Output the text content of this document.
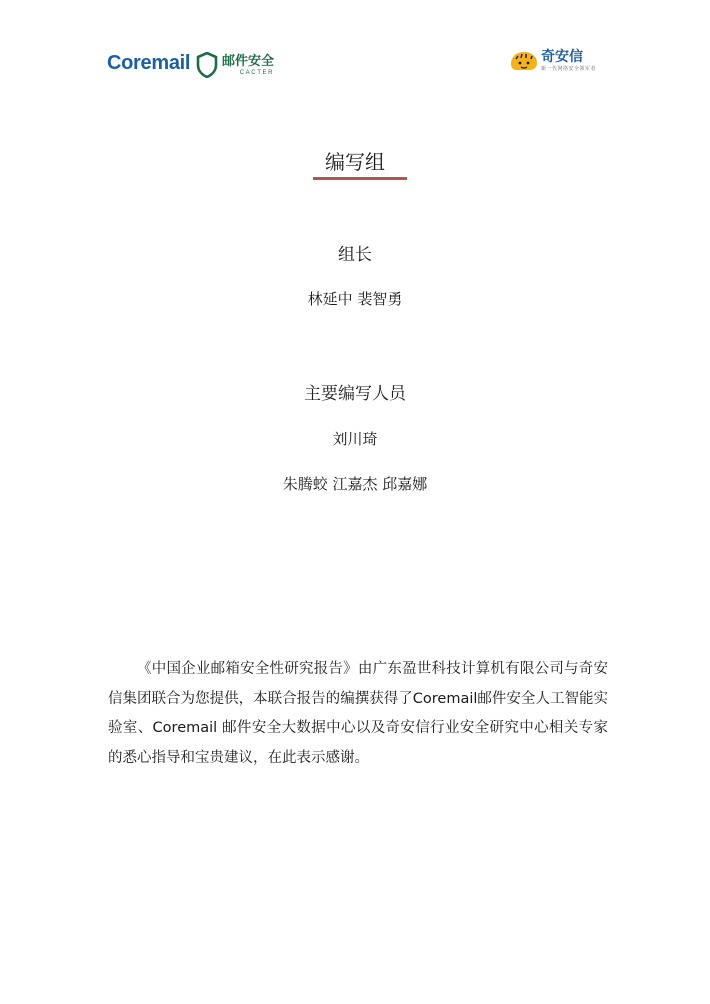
Coremail 邮件安全
CACTER
奇安信
新一代网络安全领军者
编写组
组长
林延中 裴智勇
主要编写人员
刘川琦
朱腾蛟 江嘉杰 邱嘉娜

《中国企业邮箱安全性研究报告》由广东盈世科技计算机有限公司与奇安信集团联合为您提供，本联合报告的编撰获得了Coremail邮件安全人工智能实验室、Coremail 邮件安全大数据中心以及奇安信行业安全研究中心相关专家的悉心指导和宝贵建议，在此表示感谢。
